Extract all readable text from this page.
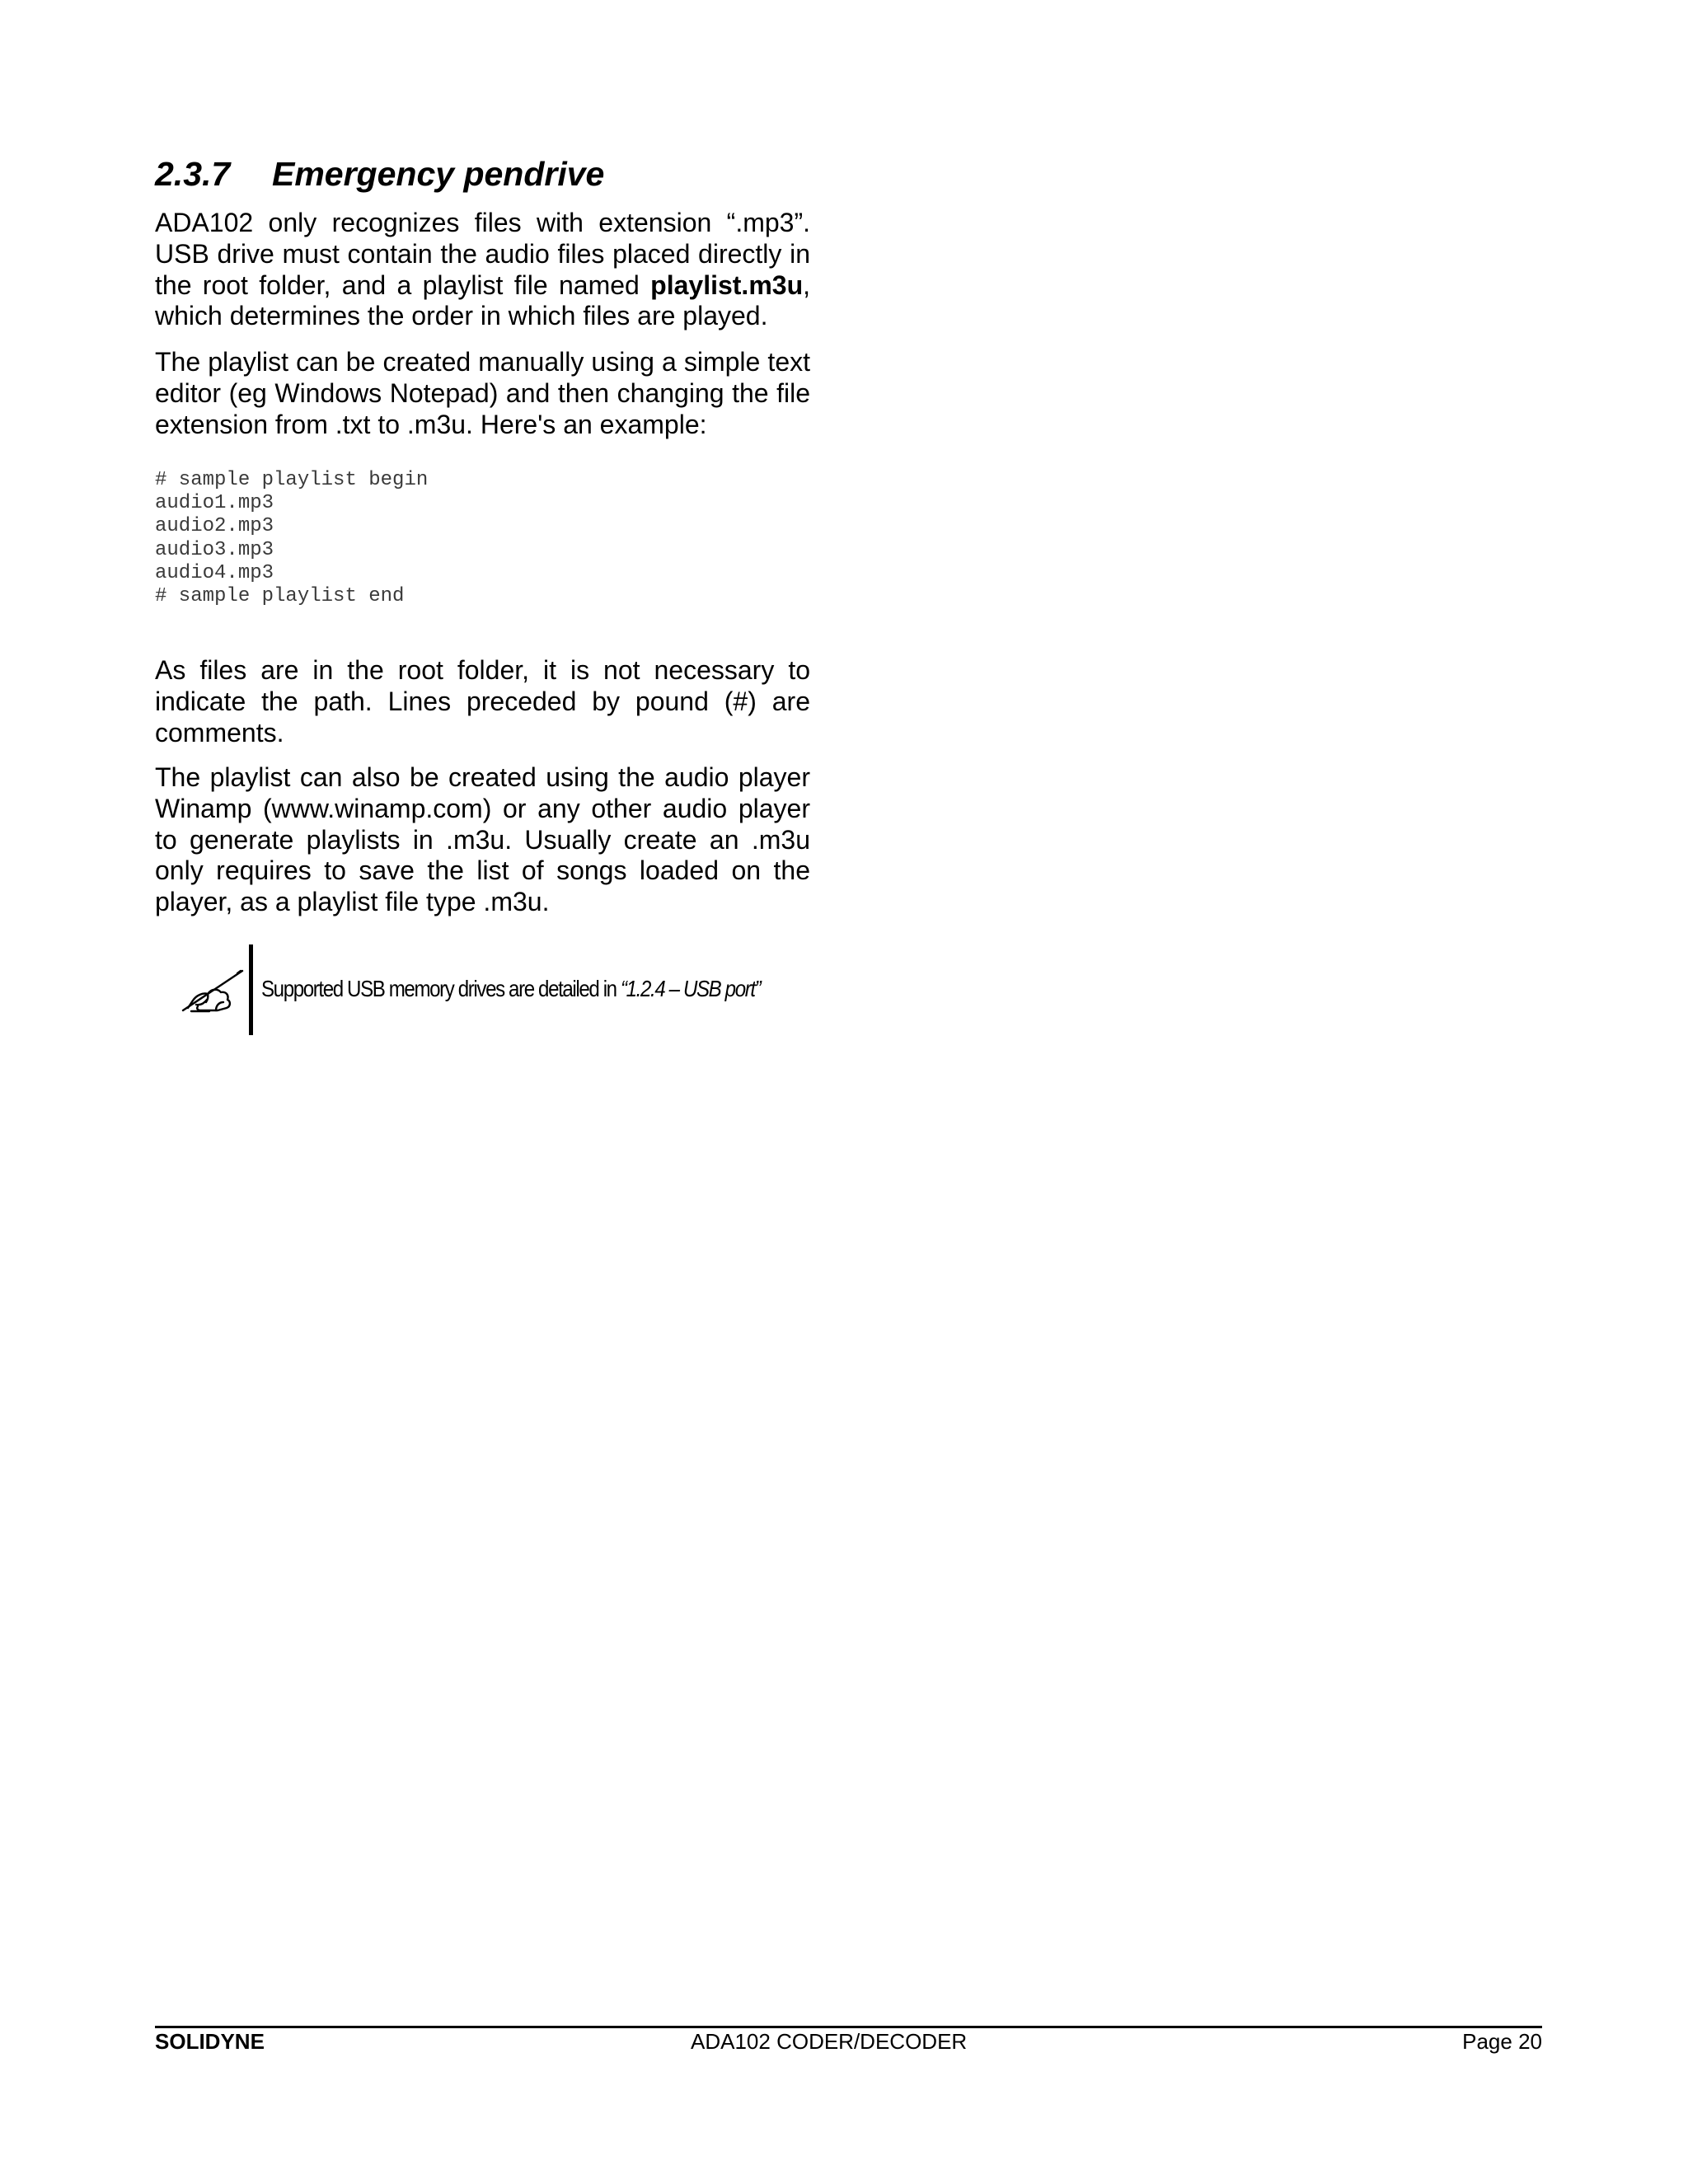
2.3.7 Emergency pendrive

ADA102 only recognizes files with extension “.mp3”. USB drive must contain the audio files placed directly in the root folder, and a playlist file named playlist.m3u, which determines the order in which files are played.

The playlist can be created manually using a simple text editor (eg Windows Notepad) and then changing the file extension from .txt to .m3u. Here's an example:

# sample playlist begin
audio1.mp3
audio2.mp3
audio3.mp3
audio4.mp3
# sample playlist end

As files are in the root folder, it is not necessary to indicate the path. Lines preceded by pound (#) are comments.

The playlist can also be created using the audio player Winamp (www.winamp.com) or any other audio player to generate playlists in .m3u. Usually create an .m3u only requires to save the list of songs loaded on the player, as a playlist file type .m3u.

Supported USB memory drives are detailed in “1.2.4 – USB port”

SOLIDYNE	ADA102 CODER/DECODER	Page 20
